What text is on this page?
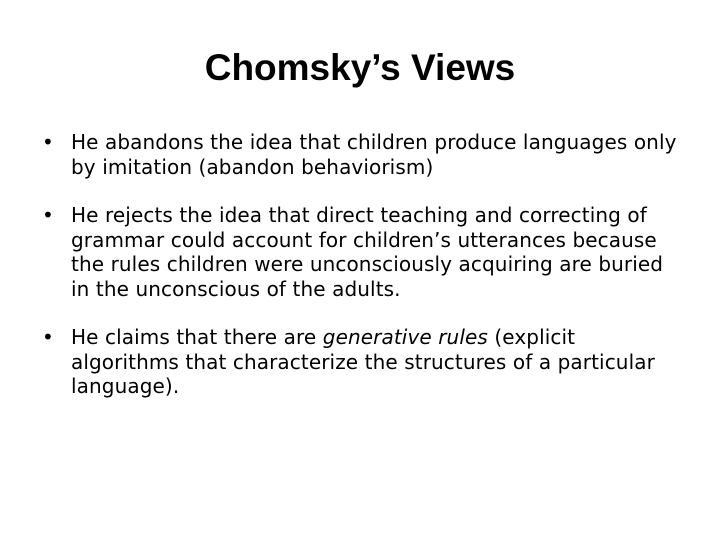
Chomsky’s Views
• He abandons the idea that children produce languages only by imitation (abandon behaviorism)
• He rejects the idea that direct teaching and correcting of grammar could account for children’s utterances because the rules children were unconsciously acquiring are buried in the unconscious of the adults.
• He claims that there are generative rules (explicit algorithms that characterize the structures of a particular language).
